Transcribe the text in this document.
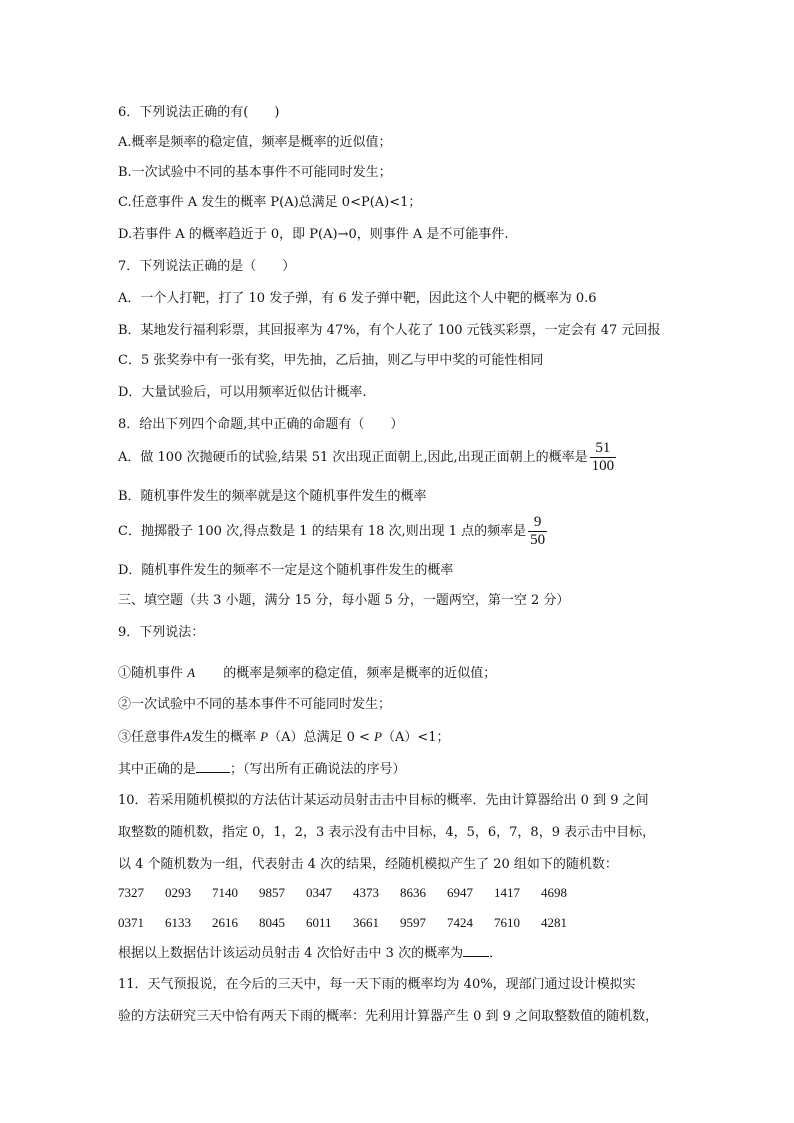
6．下列说法正确的有(　　)
A.概率是频率的稳定值，频率是概率的近似值；
B.一次试验中不同的基本事件不可能同时发生；
C.任意事件 A 发生的概率 P(A)总满足 0<P(A)<1；
D.若事件 A 的概率趋近于 0，即 P(A)→0，则事件 A 是不可能事件.
7．下列说法正确的是（　　）
A．一个人打靶，打了 10 发子弹，有 6 发子弹中靶，因此这个人中靶的概率为 0.6
B．某地发行福利彩票，其回报率为 47%，有个人花了 100 元钱买彩票，一定会有 47 元回报
C．5 张奖券中有一张有奖，甲先抽，乙后抽，则乙与甲中奖的可能性相同
D．大量试验后，可以用频率近似估计概率.
8．给出下列四个命题,其中正确的命题有（　　）
A．做 100 次抛硬币的试验,结果 51 次出现正面朝上,因此,出现正面朝上的概率是 $\frac{51}{100}$
B．随机事件发生的频率就是这个随机事件发生的概率
C．抛掷骰子 100 次,得点数是 1 的结果有 18 次,则出现 1 点的频率是 $\frac{9}{50}$
D．随机事件发生的频率不一定是这个随机事件发生的概率
三、填空题（共 3 小题，满分 15 分，每小题 5 分，一题两空，第一空 2 分）
9．下列说法：
①随机事件 A 的概率是频率的稳定值，频率是概率的近似值；
②一次试验中不同的基本事件不可能同时发生；
③任意事件A发生的概率 P（A）总满足 0 < P（A）<1；
其中正确的是	；（写出所有正确说法的序号）
10．若采用随机模拟的方法估计某运动员射击击中目标的概率．先由计算器给出 0 到 9 之间
取整数的随机数，指定 0，1，2，3 表示没有击中目标，4，5，6，7，8，9 表示击中目标，
以 4 个随机数为一组，代表射击 4 次的结果，经随机模拟产生了 20 组如下的随机数：
7327 0293 7140 9857 0347 4373 8636 6947 1417 4698
0371 6133 2616 8045 6011 3661 9597 7424 7610 4281
根据以上数据估计该运动员射击 4 次恰好击中 3 次的概率为 ．
11．天气预报说，在今后的三天中，每一天下雨的概率均为 40%，现部门通过设计模拟实
验的方法研究三天中恰有两天下雨的概率：先利用计算器产生 0 到 9 之间取整数值的随机数，
